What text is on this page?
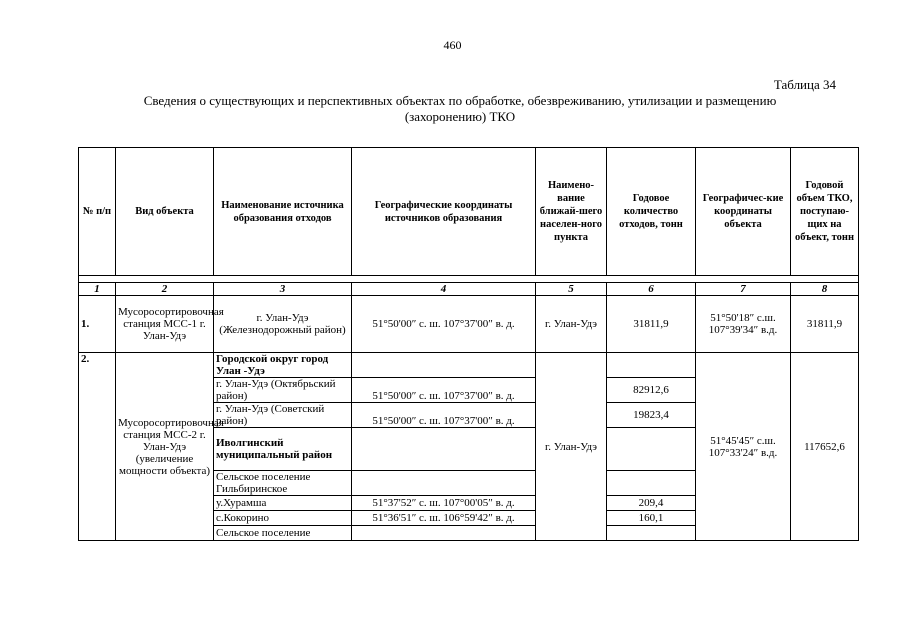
460
Таблица 34
Сведения о существующих и перспективных объектах по обработке, обезвреживанию, утилизации и размещению (захоронению) ТКО
№ п/п	Вид объекта	Наименование источника образования отходов	Географические координаты источников образования	Наимено-вание ближай-шего населен-ного пункта	Годовое количество отходов, тонн	Географичес-кие координаты объекта	Годовой объем ТКО, поступаю-щих на объект, тонн

1	2	3	4	5	6	7	8
1.	Мусоросортировочная станция МСС-1 г. Улан-Удэ	г. Улан-Удэ (Железнодорожный район)	51°50'00″ с. ш. 107°37'00″ в. д.	г. Улан-Удэ	31811,9	51°50'18″ с.ш. 107°39'34″ в.д.	31811,9
2.	Мусоросортировочная станция МСС-2 г. Улан-Удэ (увеличение мощности объекта)	Городской округ город Улан -Удэ		г. Улан-Удэ		51°45'45″ с.ш. 107°33'24″ в.д.	117652,6

		г. Улан-Удэ (Октябрьский район)	51°50'00″ с. ш. 107°37'00″ в. д.		82912,6		

		г. Улан-Удэ (Советский район)	51°50'00″ с. ш. 107°37'00″ в. д.		19823,4		

		Иволгинский муниципальный район					
		Сельское поселение Гильбиринское					

		у.Хурамша	51°37'52″ с. ш. 107°00'05″ в. д.		209,4		
		с.Кокорино	51°36'51″ с. ш. 106°59'42″ в. д.		160,1		
		Сельское поселение					
